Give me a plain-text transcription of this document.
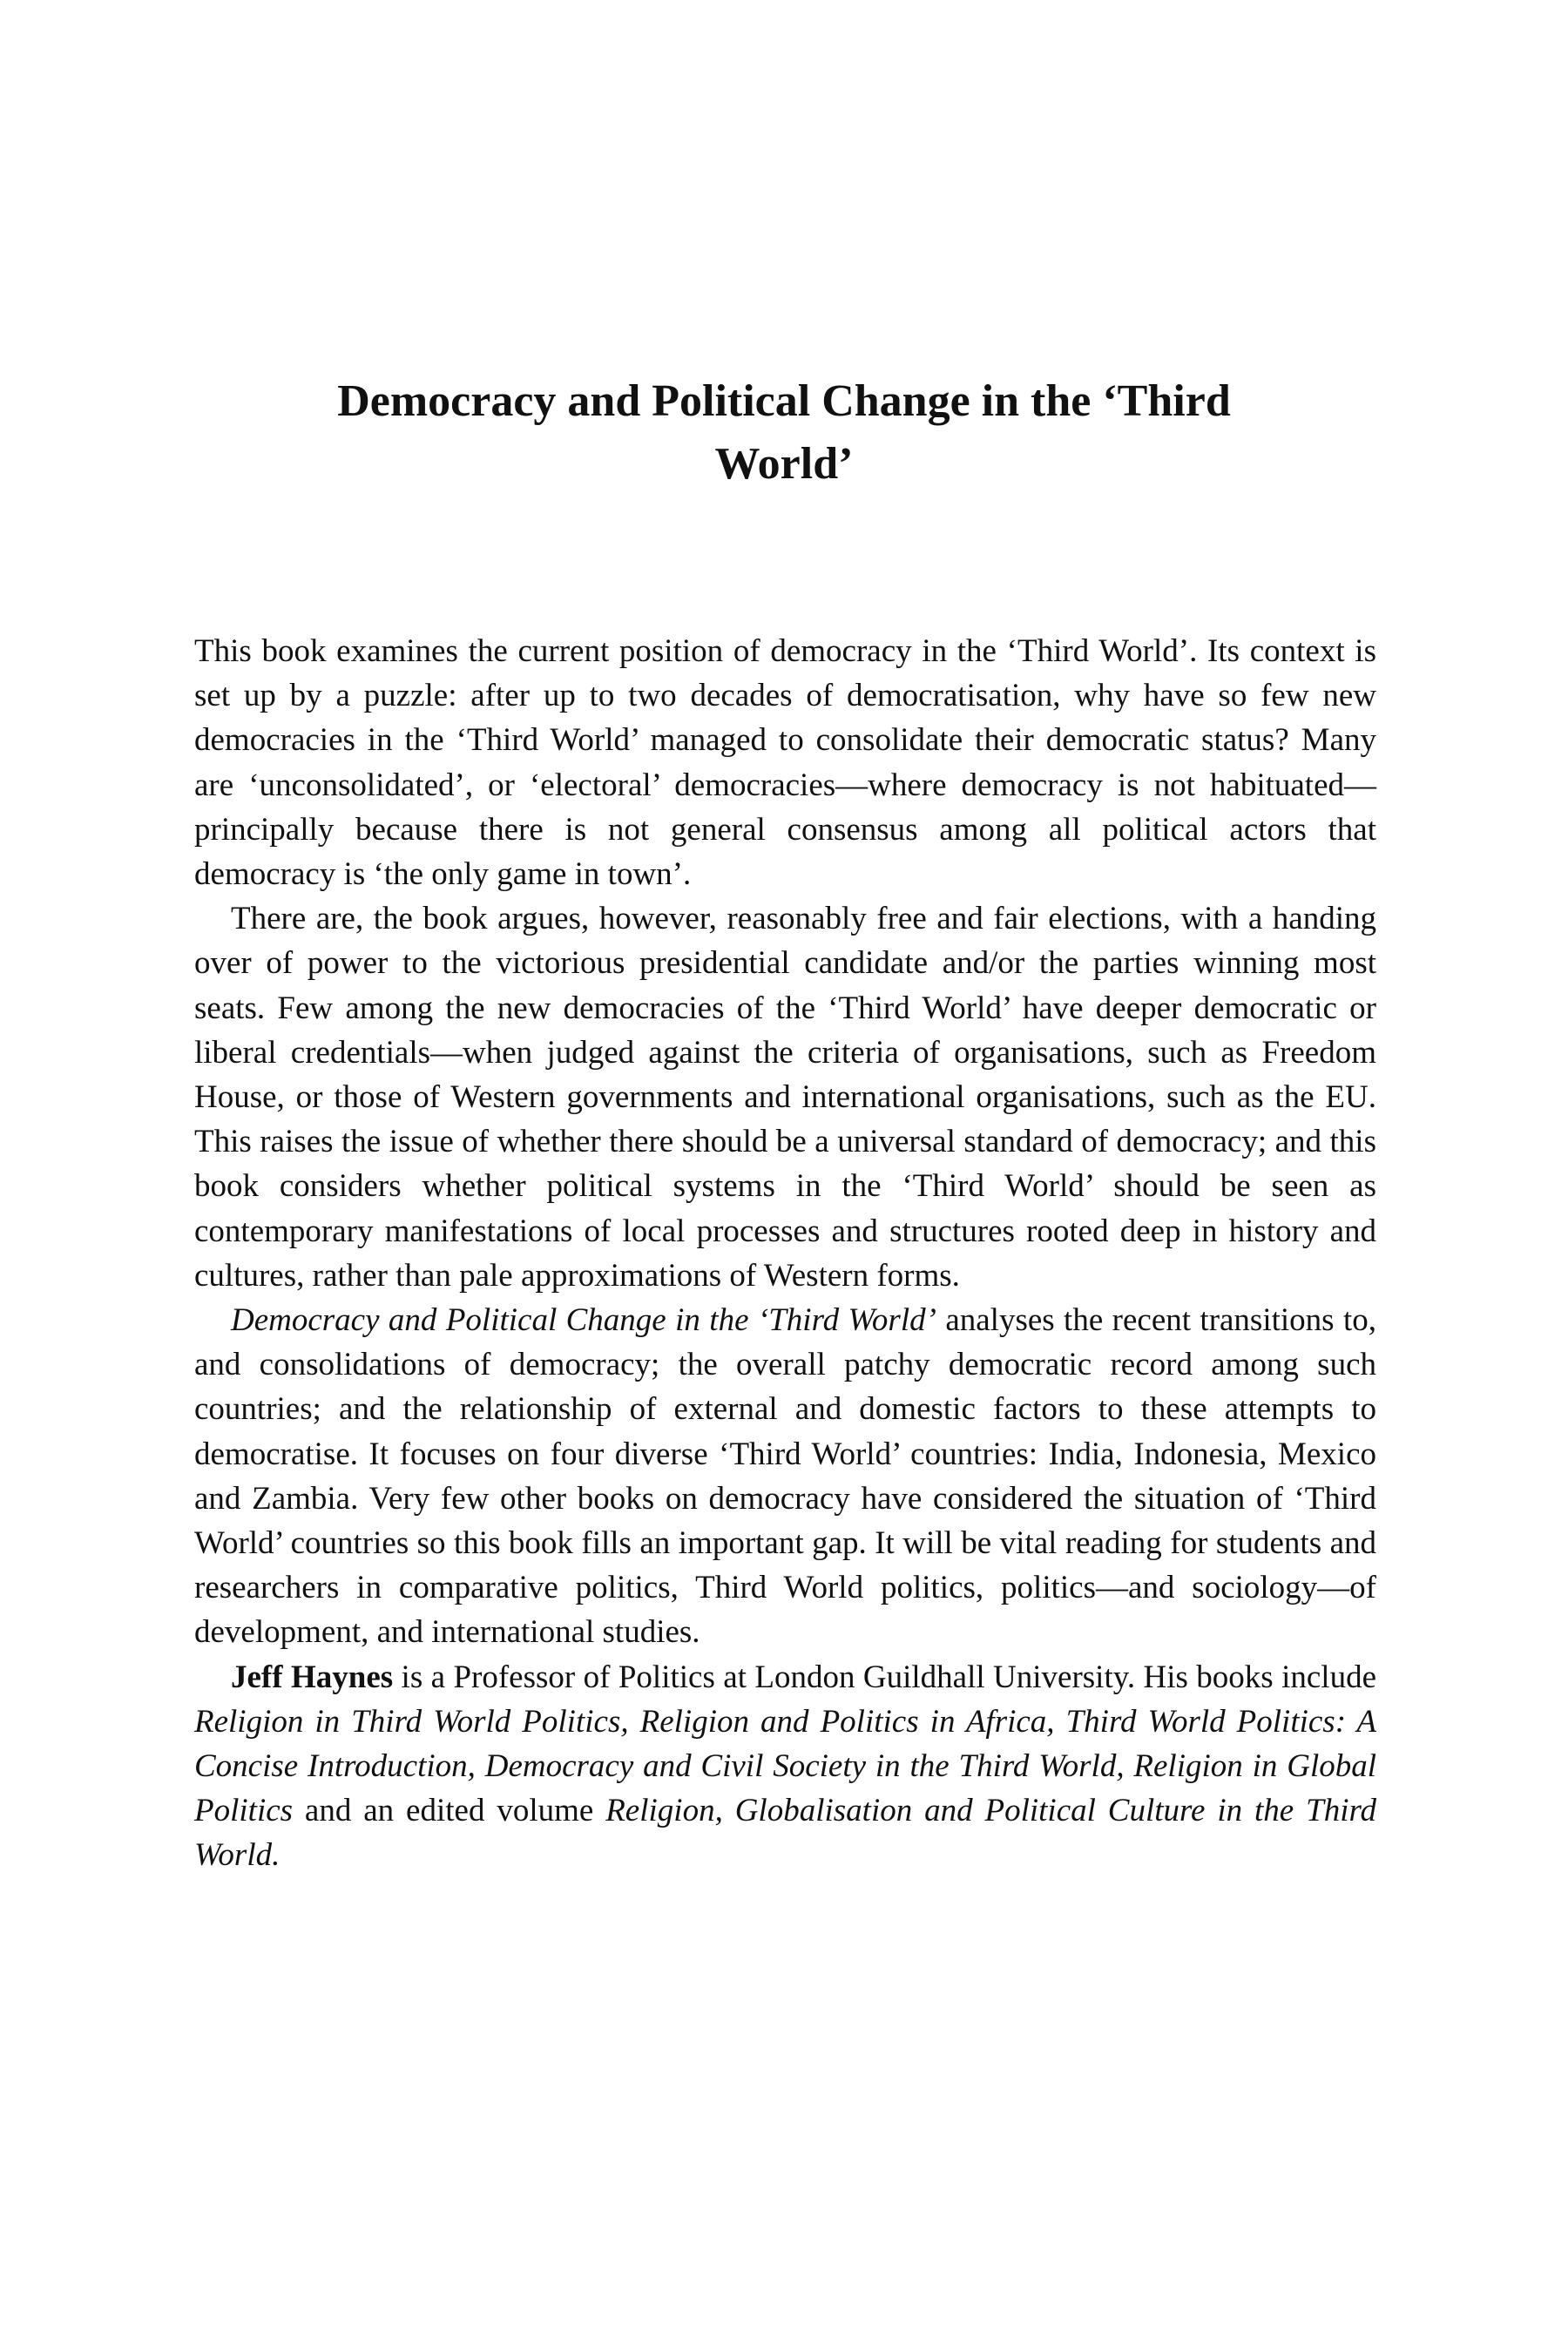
Democracy and Political Change in the ‘Third World’

This book examines the current position of democracy in the ‘Third World’. Its context is set up by a puzzle: after up to two decades of democratisation, why have so few new democracies in the ‘Third World’ managed to consolidate their democratic status? Many are ‘unconsolidated’, or ‘electoral’ democracies—where democracy is not habituated—principally because there is not general consensus among all political actors that democracy is ‘the only game in town’.

There are, the book argues, however, reasonably free and fair elections, with a handing over of power to the victorious presidential candidate and/or the parties winning most seats. Few among the new democracies of the ‘Third World’ have deeper democratic or liberal credentials—when judged against the criteria of organisations, such as Freedom House, or those of Western governments and international organisations, such as the EU. This raises the issue of whether there should be a universal standard of democracy; and this book considers whether political systems in the ‘Third World’ should be seen as contemporary manifestations of local processes and structures rooted deep in history and cultures, rather than pale approximations of Western forms.

Democracy and Political Change in the ‘Third World’ analyses the recent transitions to, and consolidations of democracy; the overall patchy democratic record among such countries; and the relationship of external and domestic factors to these attempts to democratise. It focuses on four diverse ‘Third World’ countries: India, Indonesia, Mexico and Zambia. Very few other books on democracy have considered the situation of ‘Third World’ countries so this book fills an important gap. It will be vital reading for students and researchers in comparative politics, Third World politics, politics—and sociology—of development, and international studies.

Jeff Haynes is a Professor of Politics at London Guildhall University. His books include Religion in Third World Politics, Religion and Politics in Africa, Third World Politics: A Concise Introduction, Democracy and Civil Society in the Third World, Religion in Global Politics and an edited volume Religion, Globalisation and Political Culture in the Third World.
